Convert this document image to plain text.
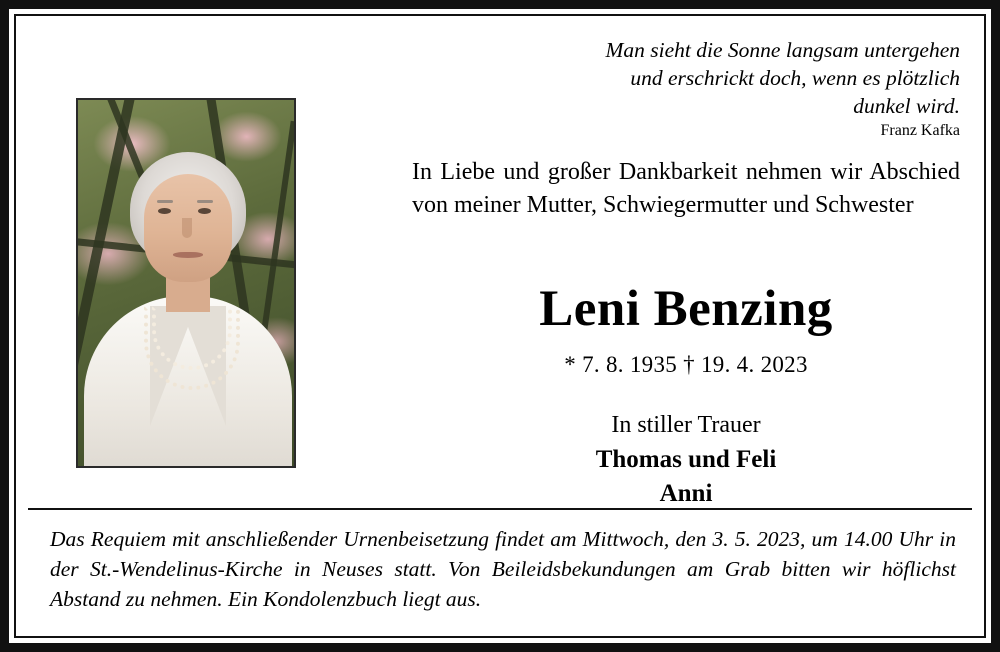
Man sieht die Sonne langsam untergehen und erschrickt doch, wenn es plötzlich dunkel wird.
Franz Kafka
In Liebe und großer Dankbarkeit nehmen wir Abschied von meiner Mutter, Schwiegermutter und Schwester
Leni Benzing
* 7. 8. 1935 † 19. 4. 2023
In stiller Trauer
Thomas und Feli
Anni
Das Requiem mit anschließender Urnenbeisetzung findet am Mittwoch, den 3. 5. 2023, um 14.00 Uhr in der St.-Wendelinus-Kirche in Neuses statt. Von Beileidsbekundungen am Grab bitten wir höflichst Abstand zu nehmen. Ein Kondolenzbuch liegt aus.
